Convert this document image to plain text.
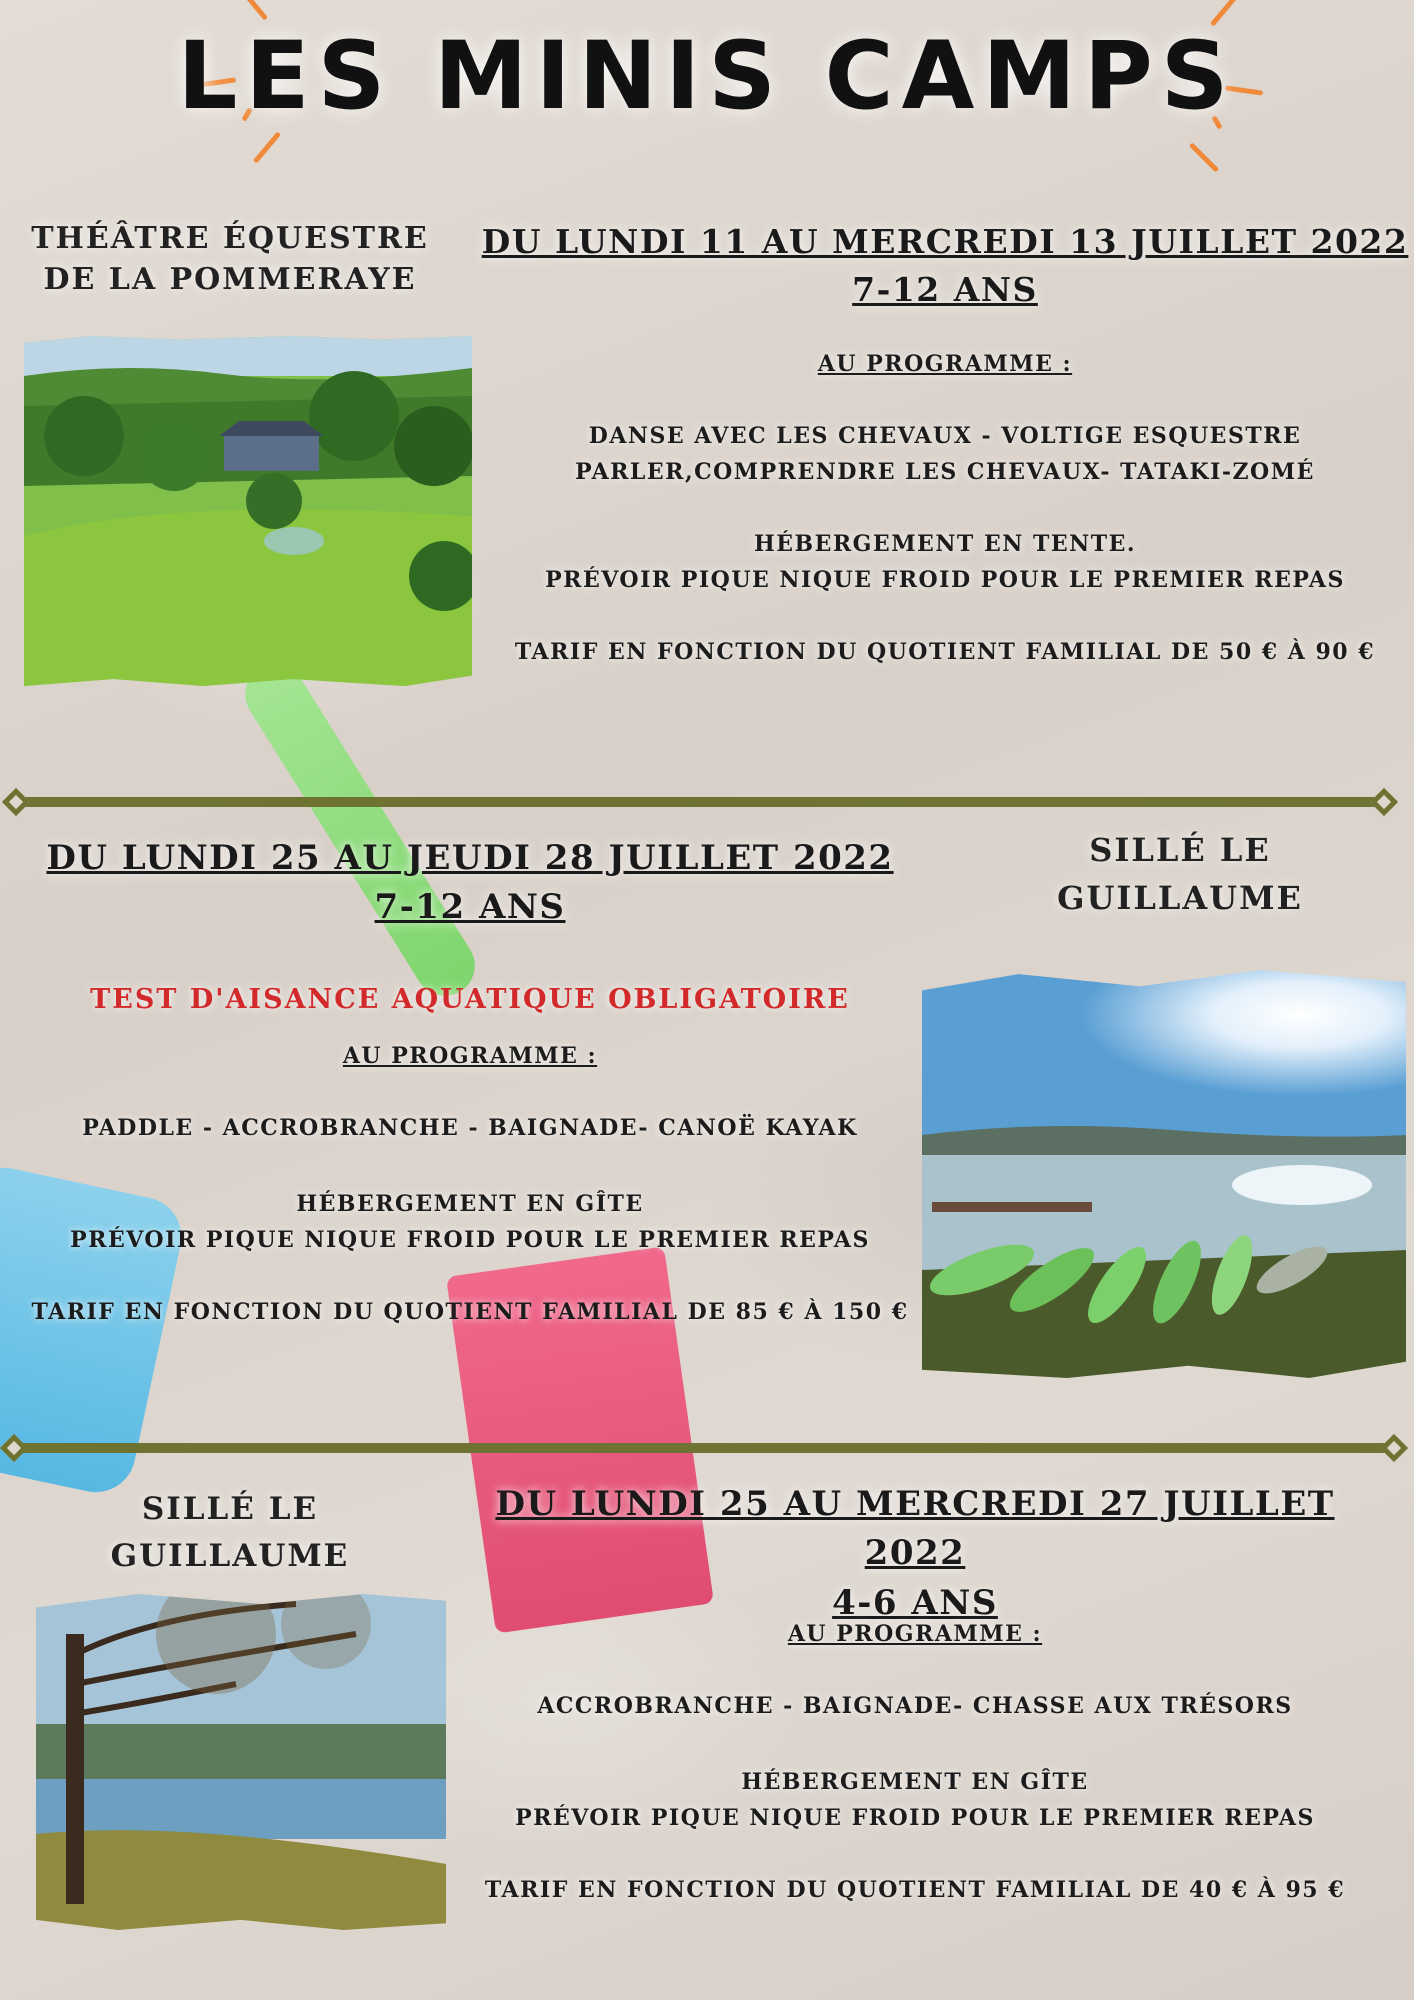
LES MINIS CAMPS
THÉÂTRE ÉQUESTRE
DE LA POMMERAYE
DU LUNDI 11 AU MERCREDI 13 JUILLET 2022
7-12 ANS
AU PROGRAMME :
DANSE AVEC LES CHEVAUX - VOLTIGE ESQUESTRE
PARLER,COMPRENDRE LES CHEVAUX- TATAKI-ZOMÉ
HÉBERGEMENT EN TENTE.
PRÉVOIR PIQUE NIQUE FROID POUR LE PREMIER REPAS
TARIF EN FONCTION DU QUOTIENT FAMILIAL DE 50 € À 90 €
DU LUNDI 25 AU JEUDI 28 JUILLET 2022
7-12 ANS
SILLÉ LE
GUILLAUME
TEST D'AISANCE AQUATIQUE OBLIGATOIRE
AU PROGRAMME :
PADDLE - ACCROBRANCHE - BAIGNADE- CANOË KAYAK
HÉBERGEMENT EN GÎTE
PRÉVOIR PIQUE NIQUE FROID POUR LE PREMIER REPAS
TARIF EN FONCTION DU QUOTIENT FAMILIAL DE 85 € À 150 €
SILLÉ LE
GUILLAUME
DU LUNDI 25 AU MERCREDI 27 JUILLET 2022
4-6 ANS
AU PROGRAMME :
ACCROBRANCHE - BAIGNADE- CHASSE AUX TRÉSORS
HÉBERGEMENT EN GÎTE
PRÉVOIR PIQUE NIQUE FROID POUR LE PREMIER REPAS
TARIF EN FONCTION DU QUOTIENT FAMILIAL DE 40 € À 95 €
